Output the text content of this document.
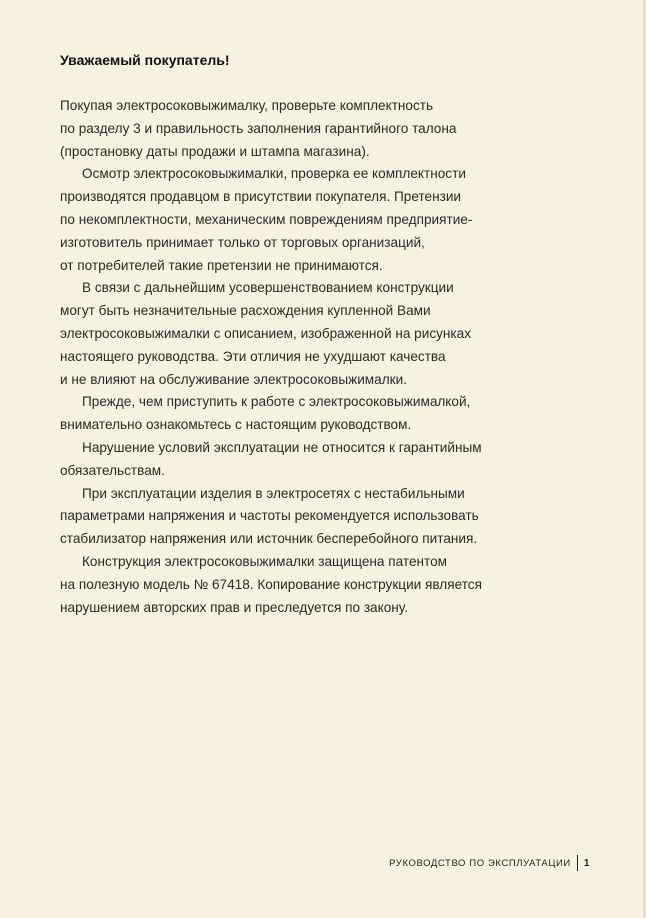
Уважаемый покупатель!
Покупая электросоковыжималку, проверьте комплектность
по разделу 3 и правильность заполнения гарантийного талона
(простановку даты продажи и штампа магазина).
Осмотр электросоковыжималки, проверка ее комплектности
производятся продавцом в присутствии покупателя. Претензии
по некомплектности, механическим повреждениям предприятие-
изготовитель принимает только от торговых организаций,
от потребителей такие претензии не принимаются.
В связи с дальнейшим усовершенствованием конструкции
могут быть незначительные расхождения купленной Вами
электросоковыжималки с описанием, изображенной на рисунках
настоящего руководства. Эти отличия не ухудшают качества
и не влияют на обслуживание электросоковыжималки.
Прежде, чем приступить к работе с электросоковыжималкой,
внимательно ознакомьтесь с настоящим руководством.
Нарушение условий эксплуатации не относится к гарантийным
обязательствам.
При эксплуатации изделия в электросетях с нестабильными
параметрами напряжения и частоты рекомендуется использовать
стабилизатор напряжения или источник бесперебойного питания.
Конструкция электросоковыжималки защищена патентом
на полезную модель № 67418. Копирование конструкции является
нарушением авторских прав и преследуется по закону.
РУКОВОДСТВО ПО ЭКСПЛУАТАЦИИ 1
